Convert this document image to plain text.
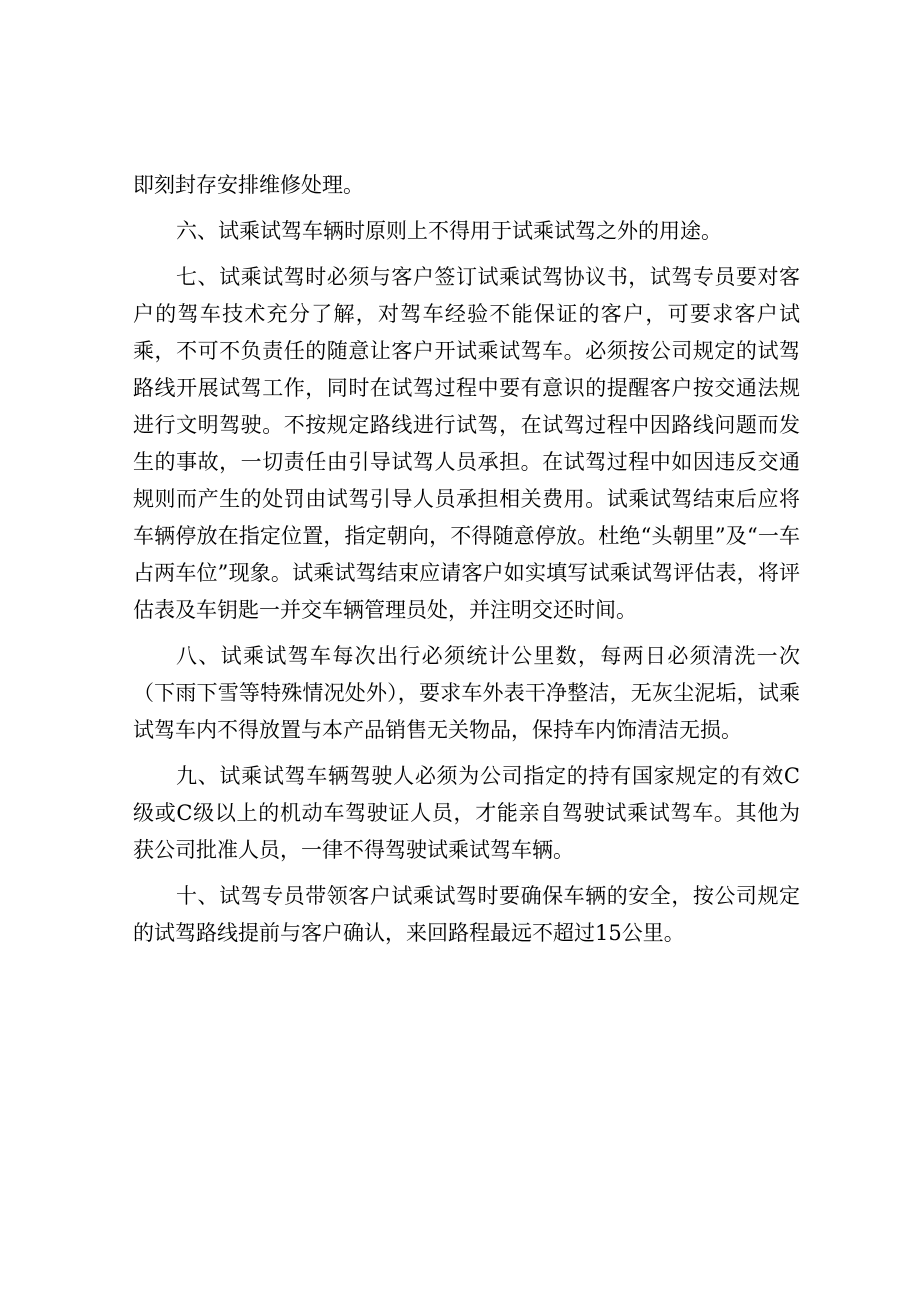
即刻封存安排维修处理。

六、试乘试驾车辆时原则上不得用于试乘试驾之外的用途。

七、试乘试驾时必须与客户签订试乘试驾协议书，试驾专员要对客户的驾车技术充分了解，对驾车经验不能保证的客户，可要求客户试乘，不可不负责任的随意让客户开试乘试驾车。必须按公司规定的试驾路线开展试驾工作，同时在试驾过程中要有意识的提醒客户按交通法规进行文明驾驶。不按规定路线进行试驾，在试驾过程中因路线问题而发生的事故，一切责任由引导试驾人员承担。在试驾过程中如因违反交通规则而产生的处罚由试驾引导人员承担相关费用。试乘试驾结束后应将车辆停放在指定位置，指定朝向，不得随意停放。杜绝“头朝里”及“一车占两车位”现象。试乘试驾结束应请客户如实填写试乘试驾评估表，将评估表及车钥匙一并交车辆管理员处，并注明交还时间。

八、试乘试驾车每次出行必须统计公里数，每两日必须清洗一次（下雨下雪等特殊情况处外），要求车外表干净整洁，无灰尘泥垢，试乘试驾车内不得放置与本产品销售无关物品，保持车内饰清洁无损。

九、试乘试驾车辆驾驶人必须为公司指定的持有国家规定的有效C级或C级以上的机动车驾驶证人员，才能亲自驾驶试乘试驾车。其他为获公司批准人员，一律不得驾驶试乘试驾车辆。

十、试驾专员带领客户试乘试驾时要确保车辆的安全，按公司规定的试驾路线提前与客户确认，来回路程最远不超过15公里。
